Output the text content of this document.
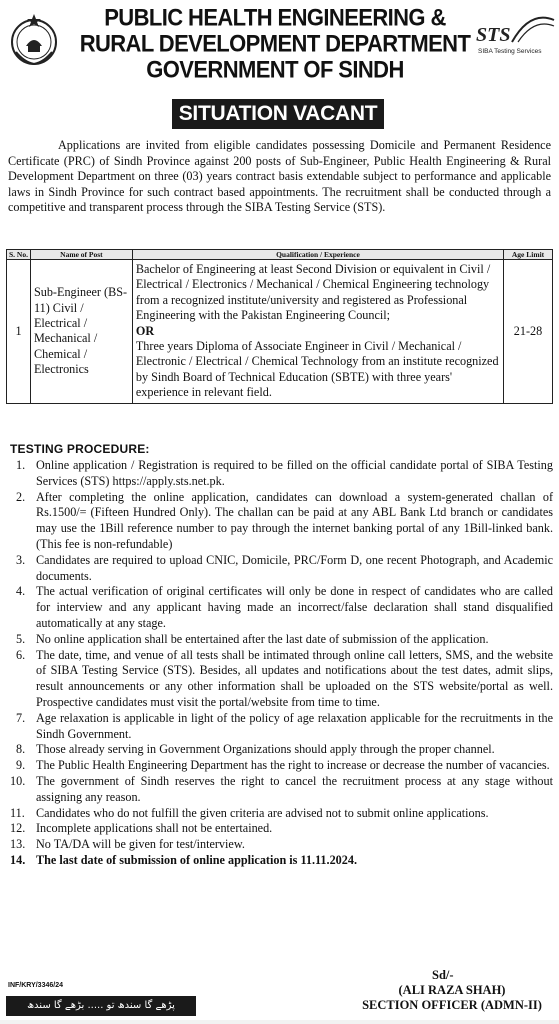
PUBLIC HEALTH ENGINEERING &
RURAL DEVELOPMENT DEPARTMENT
GOVERNMENT OF SINDH
STS
SIBA Testing Services
SITUATION VACANT

Applications are invited from eligible candidates possessing Domicile and Permanent Residence Certificate (PRC) of Sindh Province against 200 posts of Sub-Engineer, Public Health Engineering & Rural Development Department on three (03) years contract basis extendable subject to performance and applicable laws in Sindh Province for such contract based appointments. The recruitment shall be conducted through a competitive and transparent process through the SIBA Testing Service (STS).

S. No.	Name of Post	Qualification / Experience	Age Limit
1	Sub-Engineer (BS-11) Civil / Electrical / Mechanical / Chemical / Electronics	Bachelor of Engineering at least Second Division or equivalent in Civil / Electrical / Electronics / Mechanical / Chemical Engineering technology from a recognized institute/university and registered as Professional Engineering with the Pakistan Engineering Council;
OR
Three years Diploma of Associate Engineer in Civil / Mechanical / Electronic / Electrical / Chemical Technology from an institute recognized by Sindh Board of Technical Education (SBTE) with three years' experience in relevant field.	21-28
TESTING PROCEDURE:
1. Online application / Registration is required to be filled on the official candidate portal of SIBA Testing Services (STS) https://apply.sts.net.pk.
2. After completing the online application, candidates can download a system-generated challan of Rs.1500/= (Fifteen Hundred Only). The challan can be paid at any ABL Bank Ltd branch or candidates may use the 1Bill reference number to pay through the internet banking portal of any 1Bill-linked bank. (This fee is non-refundable)
3. Candidates are required to upload CNIC, Domicile, PRC/Form D, one recent Photograph, and Academic documents.
4. The actual verification of original certificates will only be done in respect of candidates who are called for interview and any applicant having made an incorrect/false declaration shall stand disqualified automatically at any stage.
5. No online application shall be entertained after the last date of submission of the application.
6. The date, time, and venue of all tests shall be intimated through online call letters, SMS, and the website of SIBA Testing Service (STS). Besides, all updates and notifications about the test dates, admit slips, result announcements or any other information shall be uploaded on the STS website/portal as well. Prospective candidates must visit the portal/website from time to time.
7. Age relaxation is applicable in light of the policy of age relaxation applicable for the recruitments in the Sindh Government.
8. Those already serving in Government Organizations should apply through the proper channel.
9. The Public Health Engineering Department has the right to increase or decrease the number of vacancies.
10. The government of Sindh reserves the right to cancel the recruitment process at any stage without assigning any reason.
11. Candidates who do not fulfill the given criteria are advised not to submit online applications.
12. Incomplete applications shall not be entertained.
13. No TA/DA will be given for test/interview.
14. The last date of submission of online application is 11.11.2024.
INF/KRY/3346/24
پڑھے گا سندھ تو ..... بڑھے گا سندھ
Sd/-
(ALI RAZA SHAH)
SECTION OFFICER (ADMN-II)
